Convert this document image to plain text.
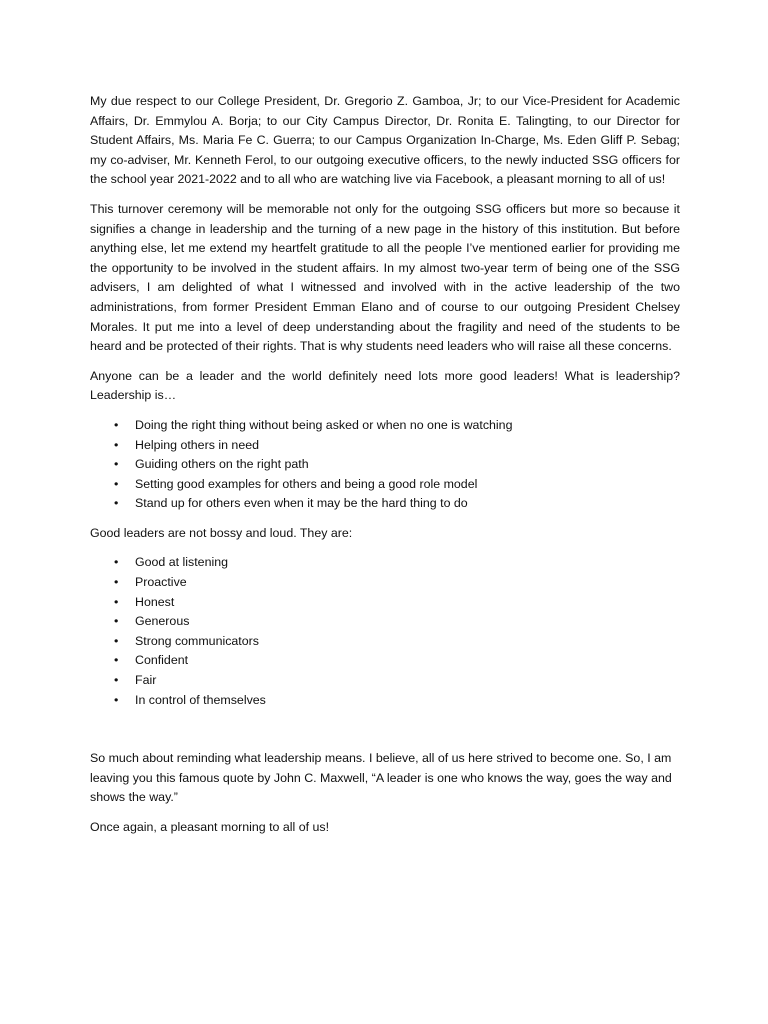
My due respect to our College President, Dr. Gregorio Z. Gamboa, Jr; to our Vice-President for Academic Affairs, Dr. Emmylou A. Borja; to our City Campus Director, Dr. Ronita E. Talingting, to our Director for Student Affairs, Ms. Maria Fe C. Guerra; to our Campus Organization In-Charge, Ms. Eden Gliff P. Sebag; my co-adviser, Mr. Kenneth Ferol, to our outgoing executive officers, to the newly inducted SSG officers for the school year 2021-2022 and to all who are watching live via Facebook, a pleasant morning to all of us!

This turnover ceremony will be memorable not only for the outgoing SSG officers but more so because it signifies a change in leadership and the turning of a new page in the history of this institution. But before anything else, let me extend my heartfelt gratitude to all the people I’ve mentioned earlier for providing me the opportunity to be involved in the student affairs. In my almost two-year term of being one of the SSG advisers, I am delighted of what I witnessed and involved with in the active leadership of the two administrations, from former President Emman Elano and of course to our outgoing President Chelsey Morales. It put me into a level of deep understanding about the fragility and need of the students to be heard and be protected of their rights. That is why students need leaders who will raise all these concerns.

Anyone can be a leader and the world definitely need lots more good leaders! What is leadership? Leadership is…

• Doing the right thing without being asked or when no one is watching
• Helping others in need
• Guiding others on the right path
• Setting good examples for others and being a good role model
• Stand up for others even when it may be the hard thing to do

Good leaders are not bossy and loud. They are:

• Good at listening
• Proactive
• Honest
• Generous
• Strong communicators
• Confident
• Fair
• In control of themselves

So much about reminding what leadership means. I believe, all of us here strived to become one. So, I am leaving you this famous quote by John C. Maxwell, “A leader is one who knows the way, goes the way and shows the way.”

Once again, a pleasant morning to all of us!
